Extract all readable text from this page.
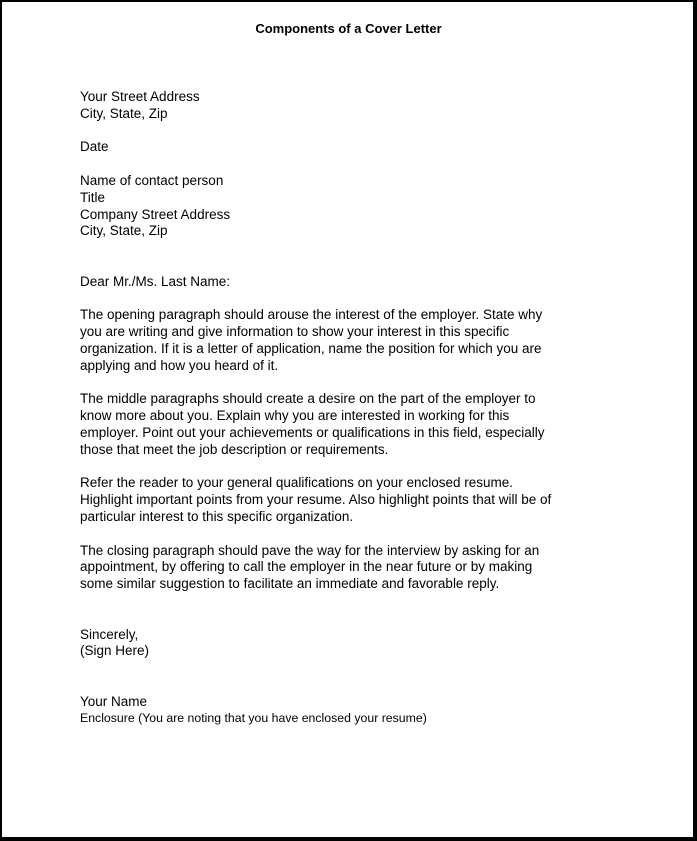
Components of a Cover Letter
Your Street Address
City, State, Zip
Date
Name of contact person
Title
Company Street Address
City, State, Zip
Dear Mr./Ms. Last Name:
The opening paragraph should arouse the interest of the employer. State why
you are writing and give information to show your interest in this specific
organization. If it is a letter of application, name the position for which you are
applying and how you heard of it.
The middle paragraphs should create a desire on the part of the employer to
know more about you. Explain why you are interested in working for this
employer. Point out your achievements or qualifications in this field, especially
those that meet the job description or requirements.
Refer the reader to your general qualifications on your enclosed resume.
Highlight important points from your resume. Also highlight points that will be of
particular interest to this specific organization.
The closing paragraph should pave the way for the interview by asking for an
appointment, by offering to call the employer in the near future or by making
some similar suggestion to facilitate an immediate and favorable reply.
Sincerely,
(Sign Here)
Your Name
Enclosure (You are noting that you have enclosed your resume)
